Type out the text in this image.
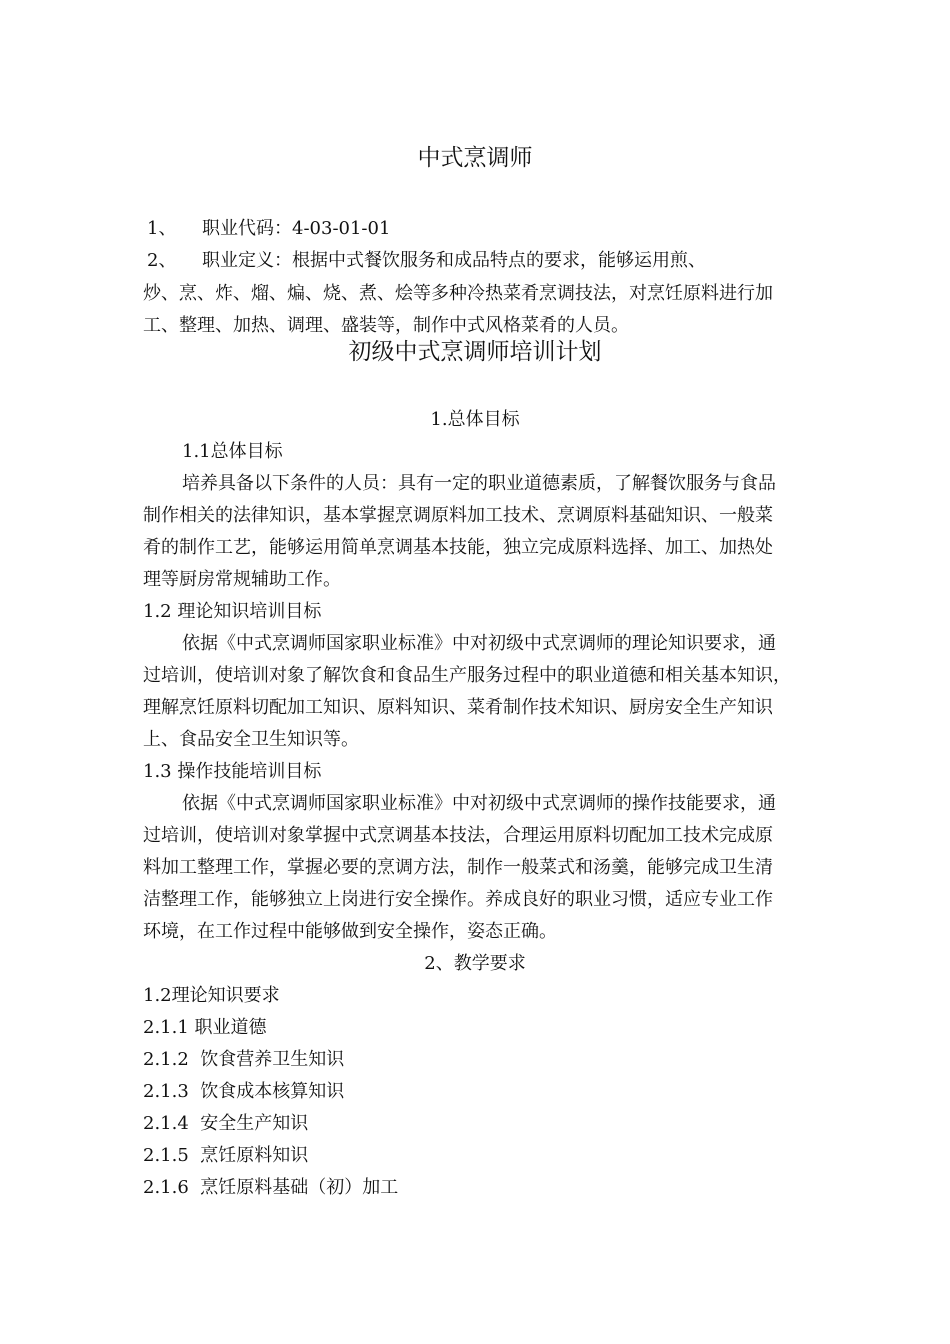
中式烹调师
1、 职业代码：4-03-01-01
2、 职业定义：根据中式餐饮服务和成品特点的要求，能够运用煎、
炒、烹、炸、熘、煸、烧、煮、烩等多种冷热菜肴烹调技法，对烹饪原料进行加
工、整理、加热、调理、盛装等，制作中式风格菜肴的人员。
初级中式烹调师培训计划
1.总体目标
1.1总体目标
培养具备以下条件的人员：具有一定的职业道德素质，了解餐饮服务与食品
制作相关的法律知识，基本掌握烹调原料加工技术、烹调原料基础知识、一般菜
肴的制作工艺，能够运用简单烹调基本技能，独立完成原料选择、加工、加热处
理等厨房常规辅助工作。
1.2 理论知识培训目标
依据《中式烹调师国家职业标准》中对初级中式烹调师的理论知识要求，通
过培训，使培训对象了解饮食和食品生产服务过程中的职业道德和相关基本知识，
理解烹饪原料切配加工知识、原料知识、菜肴制作技术知识、厨房安全生产知识
上、食品安全卫生知识等。
1.3 操作技能培训目标
依据《中式烹调师国家职业标准》中对初级中式烹调师的操作技能要求，通
过培训，使培训对象掌握中式烹调基本技法，合理运用原料切配加工技术完成原
料加工整理工作，掌握必要的烹调方法，制作一般菜式和汤羹，能够完成卫生清
洁整理工作，能够独立上岗进行安全操作。养成良好的职业习惯，适应专业工作
环境，在工作过程中能够做到安全操作，姿态正确。
2、教学要求
1.2理论知识要求
2.1.1 职业道德
2.1.2  饮食营养卫生知识
2.1.3  饮食成本核算知识
2.1.4  安全生产知识
2.1.5  烹饪原料知识
2.1.6  烹饪原料基础（初）加工
